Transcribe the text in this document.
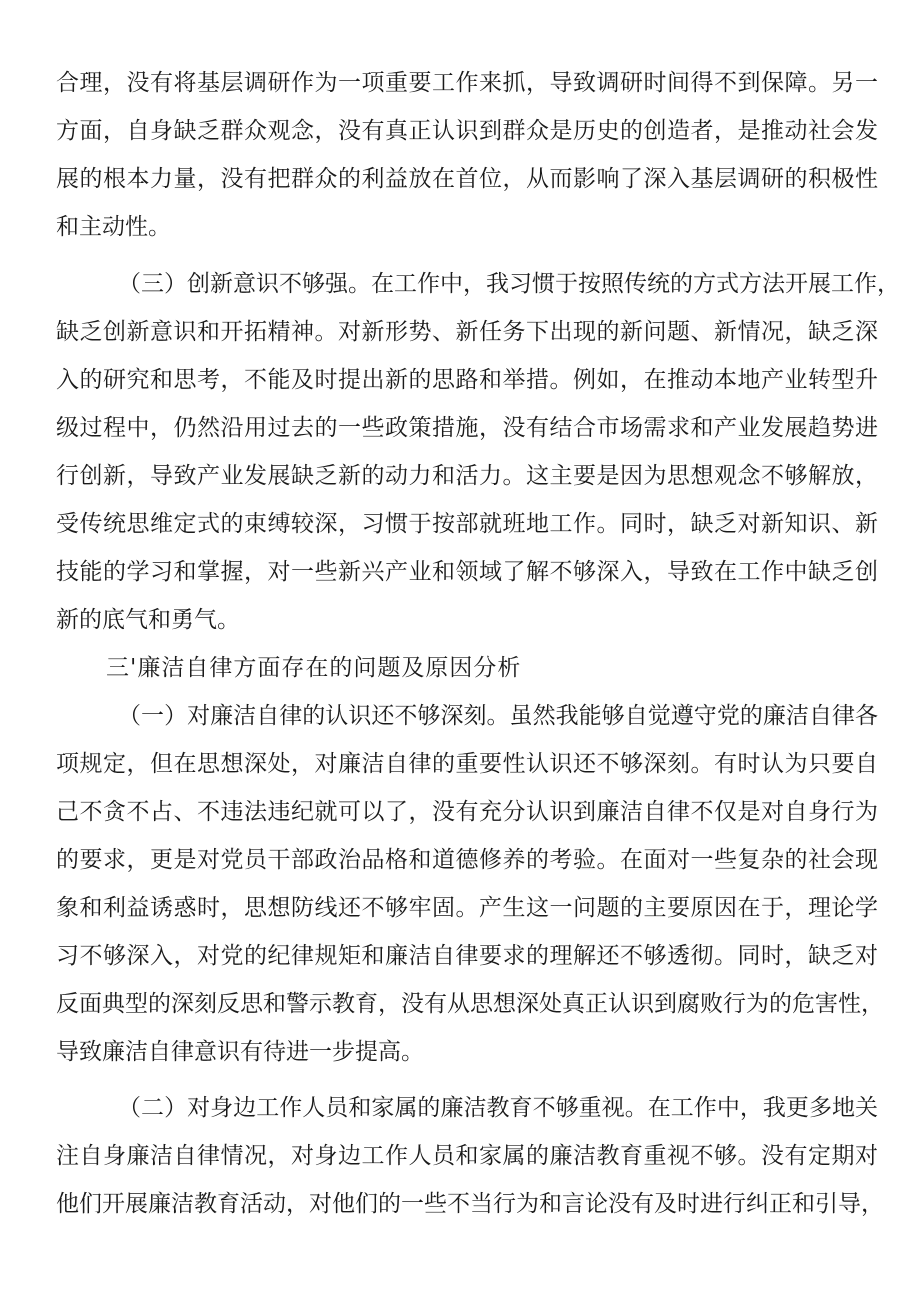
合理，没有将基层调研作为一项重要工作来抓，导致调研时间得不到保障。另一
方面，自身缺乏群众观念，没有真正认识到群众是历史的创造者，是推动社会发
展的根本力量，没有把群众的利益放在首位，从而影响了深入基层调研的积极性
和主动性。
（三）创新意识不够强。在工作中，我习惯于按照传统的方式方法开展工作，
缺乏创新意识和开拓精神。对新形势、新任务下出现的新问题、新情况，缺乏深
入的研究和思考，不能及时提出新的思路和举措。例如，在推动本地产业转型升
级过程中，仍然沿用过去的一些政策措施，没有结合市场需求和产业发展趋势进
行创新，导致产业发展缺乏新的动力和活力。这主要是因为思想观念不够解放，
受传统思维定式的束缚较深，习惯于按部就班地工作。同时，缺乏对新知识、新
技能的学习和掌握，对一些新兴产业和领域了解不够深入，导致在工作中缺乏创
新的底气和勇气。
三'廉洁自律方面存在的问题及原因分析
（一）对廉洁自律的认识还不够深刻。虽然我能够自觉遵守党的廉洁自律各
项规定，但在思想深处，对廉洁自律的重要性认识还不够深刻。有时认为只要自
己不贪不占、不违法违纪就可以了，没有充分认识到廉洁自律不仅是对自身行为
的要求，更是对党员干部政治品格和道德修养的考验。在面对一些复杂的社会现
象和利益诱惑时，思想防线还不够牢固。产生这一问题的主要原因在于，理论学
习不够深入，对党的纪律规矩和廉洁自律要求的理解还不够透彻。同时，缺乏对
反面典型的深刻反思和警示教育，没有从思想深处真正认识到腐败行为的危害性，
导致廉洁自律意识有待进一步提高。
（二）对身边工作人员和家属的廉洁教育不够重视。在工作中，我更多地关
注自身廉洁自律情况，对身边工作人员和家属的廉洁教育重视不够。没有定期对
他们开展廉洁教育活动，对他们的一些不当行为和言论没有及时进行纠正和引导，
